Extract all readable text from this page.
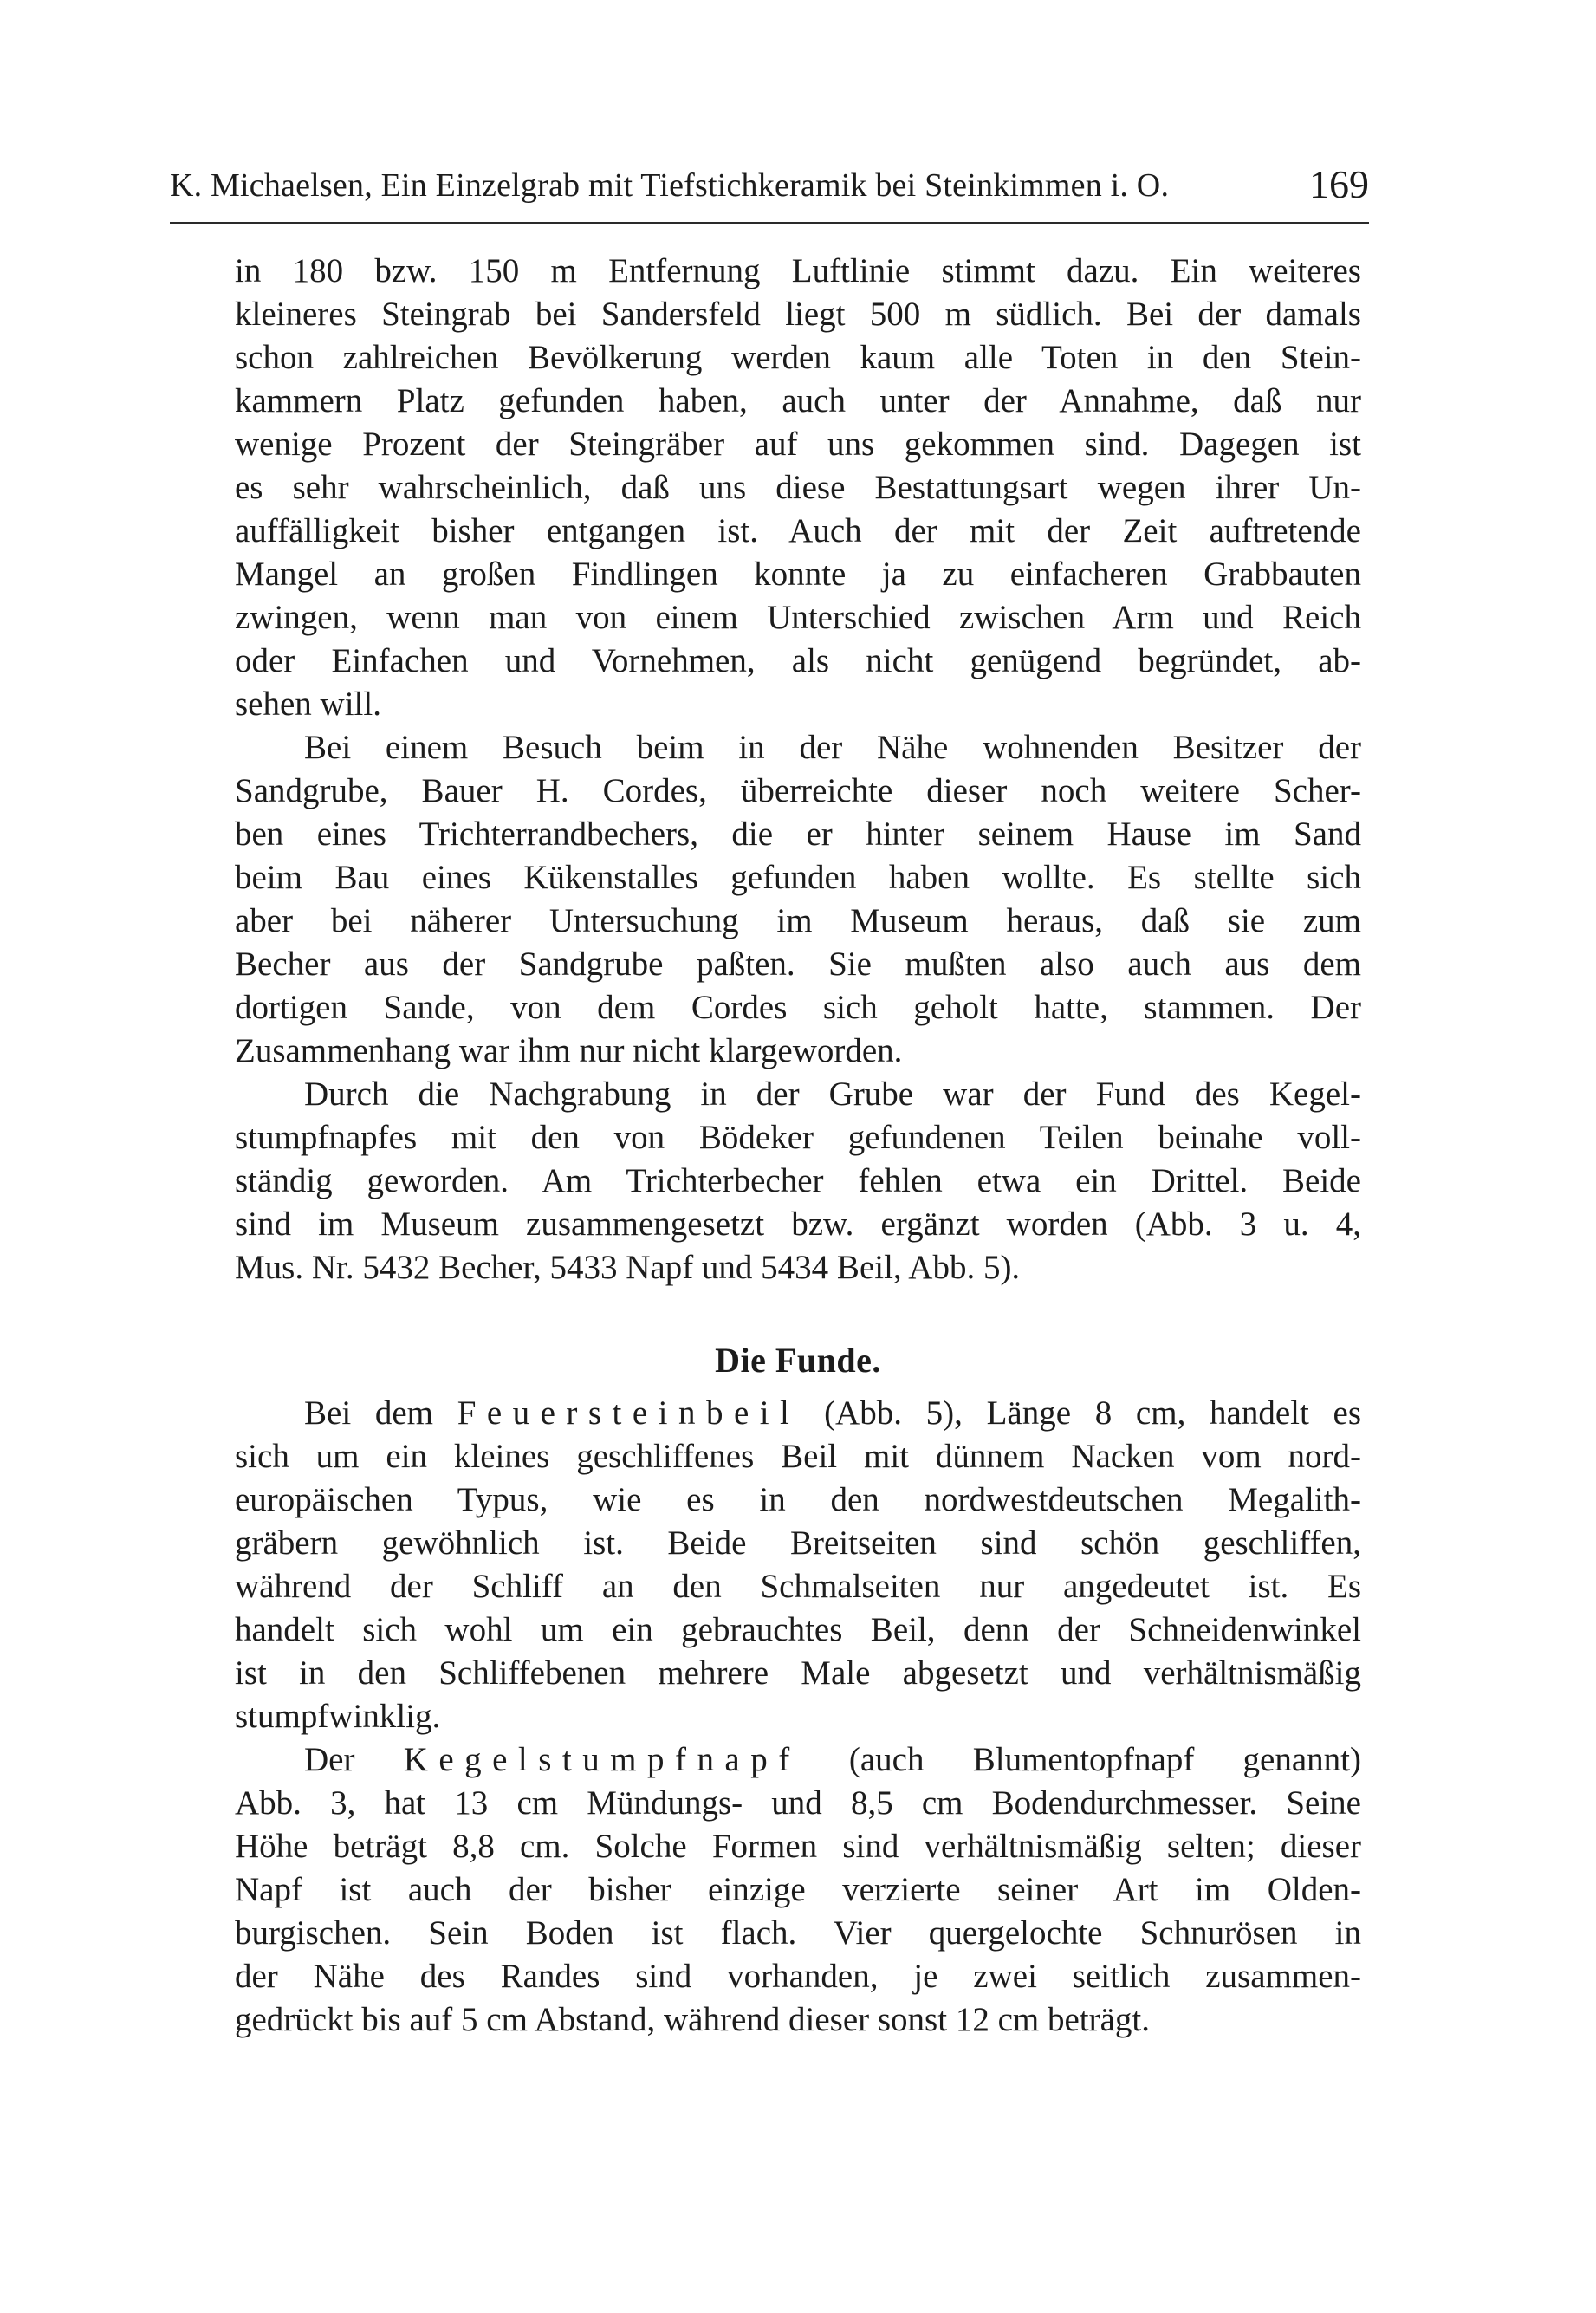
K. Michaelsen, Ein Einzelgrab mit Tiefstichkeramik bei Steinkimmen i. O.	169
in 180 bzw. 150 m Entfernung Luftlinie stimmt dazu. Ein weiteres
kleineres Steingrab bei Sandersfeld liegt 500 m südlich. Bei der damals
schon zahlreichen Bevölkerung werden kaum alle Toten in den Stein-
kammern Platz gefunden haben, auch unter der Annahme, daß nur
wenige Prozent der Steingräber auf uns gekommen sind. Dagegen ist
es sehr wahrscheinlich, daß uns diese Bestattungsart wegen ihrer Un-
auffälligkeit bisher entgangen ist. Auch der mit der Zeit auftretende
Mangel an großen Findlingen konnte ja zu einfacheren Grabbauten
zwingen, wenn man von einem Unterschied zwischen Arm und Reich
oder Einfachen und Vornehmen, als nicht genügend begründet, ab-
sehen will.
Bei einem Besuch beim in der Nähe wohnenden Besitzer der
Sandgrube, Bauer H. Cordes, überreichte dieser noch weitere Scher-
ben eines Trichterrandbechers, die er hinter seinem Hause im Sand
beim Bau eines Kükenstalles gefunden haben wollte. Es stellte sich
aber bei näherer Untersuchung im Museum heraus, daß sie zum
Becher aus der Sandgrube paßten. Sie mußten also auch aus dem
dortigen Sande, von dem Cordes sich geholt hatte, stammen. Der
Zusammenhang war ihm nur nicht klargeworden.
Durch die Nachgrabung in der Grube war der Fund des Kegel-
stumpfnapfes mit den von Bödeker gefundenen Teilen beinahe voll-
ständig geworden. Am Trichterbecher fehlen etwa ein Drittel. Beide
sind im Museum zusammengesetzt bzw. ergänzt worden (Abb. 3 u. 4,
Mus. Nr. 5432 Becher, 5433 Napf und 5434 Beil, Abb. 5).
Die Funde.
Bei dem Feuersteinbeil (Abb. 5), Länge 8 cm, handelt es
sich um ein kleines geschliffenes Beil mit dünnem Nacken vom nord-
europäischen Typus, wie es in den nordwestdeutschen Megalith-
gräbern gewöhnlich ist. Beide Breitseiten sind schön geschliffen,
während der Schliff an den Schmalseiten nur angedeutet ist. Es
handelt sich wohl um ein gebrauchtes Beil, denn der Schneidenwinkel
ist in den Schliffebenen mehrere Male abgesetzt und verhältnismäßig
stumpfwinklig.
Der Kegelstumpfnapf (auch Blumentopfnapf genannt)
Abb. 3, hat 13 cm Mündungs- und 8,5 cm Bodendurchmesser. Seine
Höhe beträgt 8,8 cm. Solche Formen sind verhältnismäßig selten; dieser
Napf ist auch der bisher einzige verzierte seiner Art im Olden-
burgischen. Sein Boden ist flach. Vier quergelochte Schnurösen in
der Nähe des Randes sind vorhanden, je zwei seitlich zusammen-
gedrückt bis auf 5 cm Abstand, während dieser sonst 12 cm beträgt.
